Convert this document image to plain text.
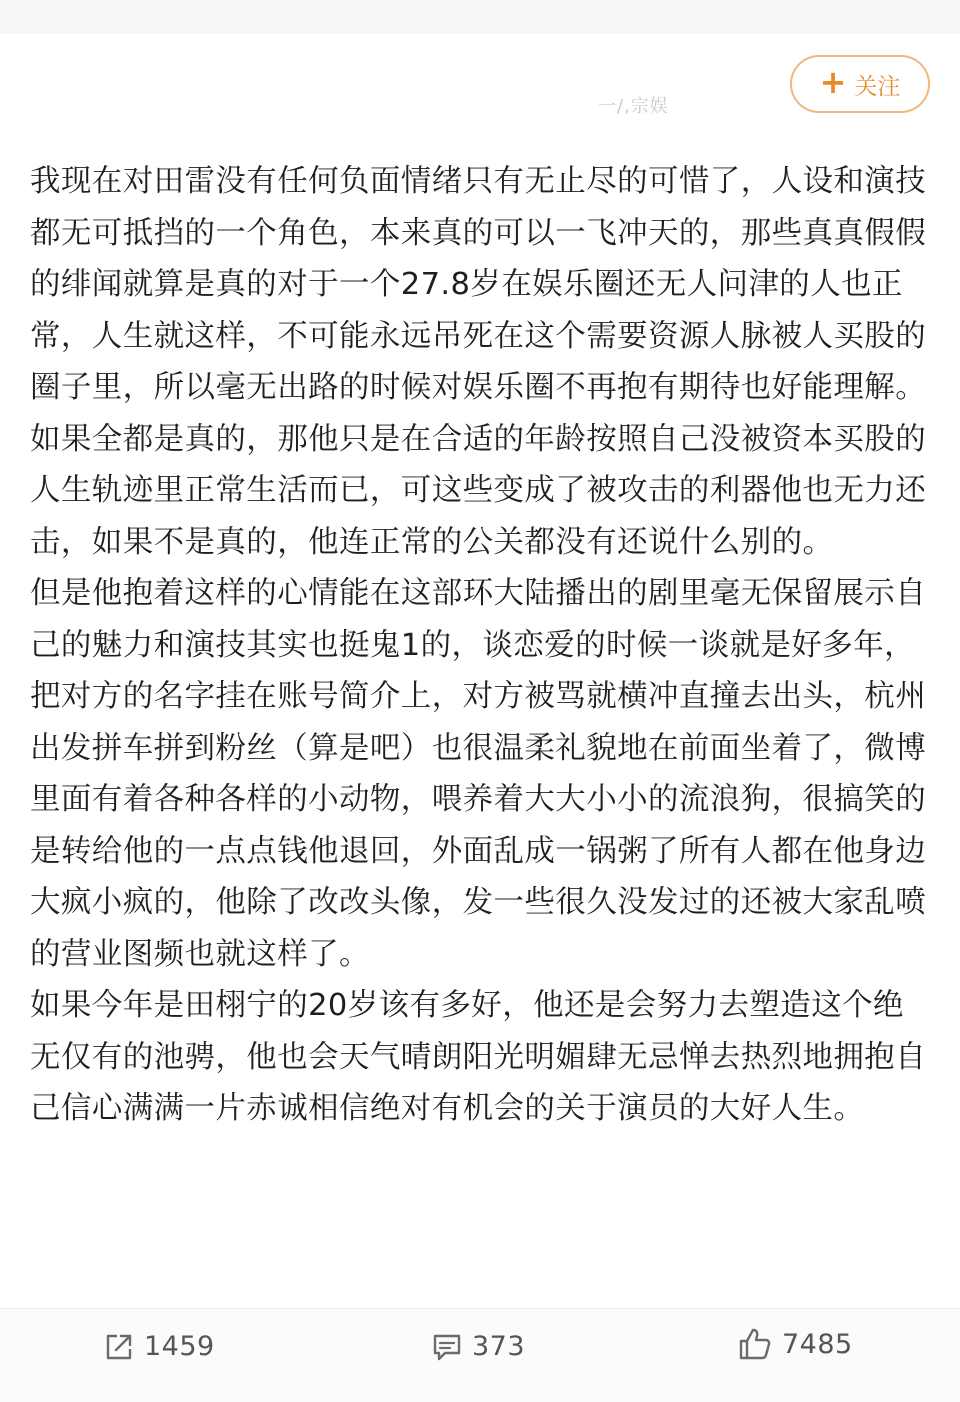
一/,宗娱
+ 关注

我现在对田雷没有任何负面情绪只有无止尽的可惜了，人设和演技都无可抵挡的一个角色，本来真的可以一飞冲天的，那些真真假假的绯闻就算是真的对于一个27.8岁在娱乐圈还无人问津的人也正常，人生就这样，不可能永远吊死在这个需要资源人脉被人买股的圈子里，所以毫无出路的时候对娱乐圈不再抱有期待也好能理解。如果全都是真的，那他只是在合适的年龄按照自己没被资本买股的人生轨迹里正常生活而已，可这些变成了被攻击的利器他也无力还击，如果不是真的，他连正常的公关都没有还说什么别的。

但是他抱着这样的心情能在这部环大陆播出的剧里毫无保留展示自己的魅力和演技其实也挺鬼1的，谈恋爱的时候一谈就是好多年，把对方的名字挂在账号简介上，对方被骂就横冲直撞去出头，杭州出发拼车拼到粉丝（算是吧）也很温柔礼貌地在前面坐着了，微博里面有着各种各样的小动物，喂养着大大小小的流浪狗，很搞笑的是转给他的一点点钱他退回，外面乱成一锅粥了所有人都在他身边大疯小疯的，他除了改改头像，发一些很久没发过的还被大家乱喷的营业图频也就这样了。

如果今年是田栩宁的20岁该有多好，他还是会努力去塑造这个绝无仅有的池骋，他也会天气晴朗阳光明媚肆无忌惮去热烈地拥抱自己信心满满一片赤诚相信绝对有机会的关于演员的大好人生。

1459	373	7485
